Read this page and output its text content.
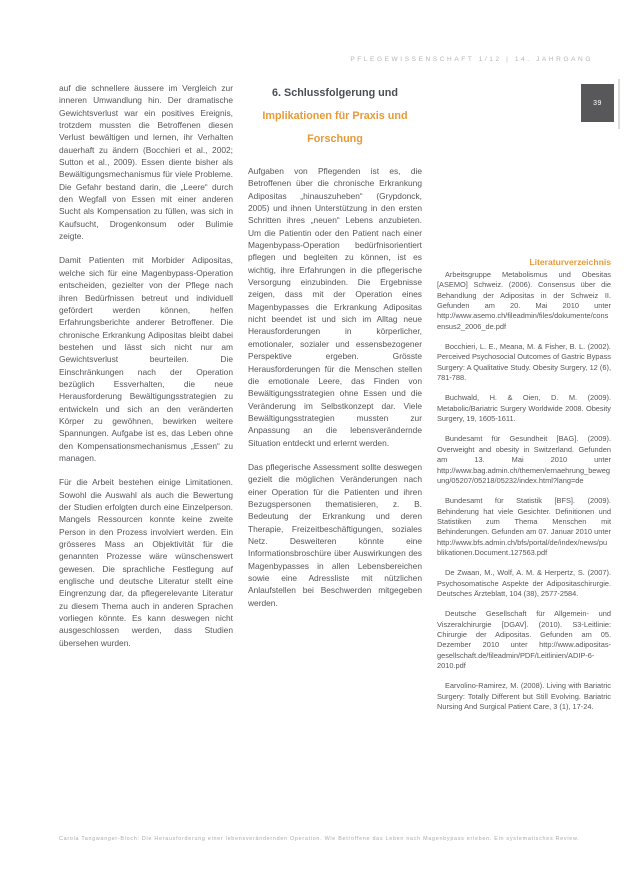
PFLEGEWISSENSCHAFT 1/12 | 14. JAHRGANG
39

auf die schnellere äussere im Vergleich zur inneren Umwandlung hin. Der dramatische Gewichtsverlust war ein positives Ereignis, trotzdem mussten die Betroffenen diesen Verlust bewältigen und lernen, ihr Verhalten dauerhaft zu ändern (Bocchieri et al., 2002; Sutton et al., 2009). Essen diente bisher als Bewältigungsmechanismus für viele Probleme. Die Gefahr bestand darin, die „Leere“ durch den Wegfall von Essen mit einer anderen Sucht als Kompensation zu füllen, was sich in Kaufsucht, Drogenkonsum oder Bulimie zeigte.

Damit Patienten mit Morbider Adipositas, welche sich für eine Magenbypass-Operation entscheiden, gezielter von der Pflege nach ihren Bedürfnissen betreut und individuell gefördert werden können, helfen Erfahrungsberichte anderer Betroffener. Die chronische Erkrankung Adipositas bleibt dabei bestehen und lässt sich nicht nur am Gewichtsverlust beurteilen. Die Einschränkungen nach der Operation bezüglich Essverhalten, die neue Herausforderung Bewältigungsstrategien zu entwickeln und sich an den veränderten Körper zu gewöhnen, bewirken weitere Spannungen. Aufgabe ist es, das Leben ohne den Kompensationsmechanismus „Essen“ zu managen.

Für die Arbeit bestehen einige Limitationen. Sowohl die Auswahl als auch die Bewertung der Studien erfolgten durch eine Einzelperson. Mangels Ressourcen konnte keine zweite Person in den Prozess involviert werden. Ein grösseres Mass an Objektivität für die genannten Prozesse wäre wünschenswert gewesen. Die sprachliche Festlegung auf englische und deutsche Literatur stellt eine Eingrenzung dar, da pflegerelevante Literatur zu diesem Thema auch in anderen Sprachen vorliegen könnte. Es kann deswegen nicht ausgeschlossen werden, dass Studien übersehen wurden.

6. Schlussfolgerung und
Implikationen für Praxis und Forschung

Aufgaben von Pflegenden ist es, die Betroffenen über die chronische Erkrankung Adipositas „hinauszuheben“ (Grypdonck, 2005) und ihnen Unterstützung in den ersten Schritten ihres „neuen“ Lebens anzubieten. Um die Patientin oder den Patient nach einer Magenbypass-Operation bedürfnisorientiert pflegen und begleiten zu können, ist es wichtig, ihre Erfahrungen in die pflegerische Versorgung einzubinden. Die Ergebnisse zeigen, dass mit der Operation eines Magenbypasses die Erkrankung Adipositas nicht beendet ist und sich im Alltag neue Herausforderungen in körperlicher, emotionaler, sozialer und essensbezogener Perspektive ergeben. Grösste Herausforderungen für die Menschen stellen die emotionale Leere, das Finden von Bewältigungsstrategien ohne Essen und die Veränderung im Selbstkonzept dar. Viele Bewältigungsstrategien mussten zur Anpassung an die lebensverändernde Situation entdeckt und erlernt werden.

Das pflegerische Assessment sollte deswegen gezielt die möglichen Veränderungen nach einer Operation für die Patienten und ihren Bezugspersonen thematisieren, z. B. Bedeutung der Erkrankung und deren Therapie, Freizeitbeschäftigungen, soziales Netz. Desweiteren könnte eine Informationsbroschüre über Auswirkungen des Magenbypasses in allen Lebensbereichen sowie eine Adressliste mit nützlichen Anlaufstellen bei Beschwerden mitgegeben werden.

Literaturverzeichnis
Arbeitsgruppe Metabolismus und Obesitas [ASEMO] Schweiz. (2006). Consensus über die Behandlung der Adipositas in der Schweiz II. Gefunden am 20. Mai 2010 unter http://www.asemo.ch/fileadmin/files/dokumente/consensus2_2006_de.pdf
Bocchieri, L. E., Meana, M. & Fisher, B. L. (2002). Perceived Psychosocial Outcomes of Gastric Bypass Surgery: A Qualitative Study. Obesity Surgery, 12 (6), 781-788.
Buchwald, H. & Oien, D. M. (2009). Metabolic/Bariatric Surgery Worldwide 2008. Obesity Surgery, 19, 1605-1611.
Bundesamt für Gesundheit [BAG]. (2009). Overweight and obesity in Switzerland. Gefunden am 13. Mai 2010 unter http://www.bag.admin.ch/themen/ernaehrung_bewegung/05207/05218/05232/index.html?lang=de
Bundesamt für Statistik [BFS]. (2009). Behinderung hat viele Gesichter. Definitionen und Statistiken zum Thema Menschen mit Behinderungen. Gefunden am 07. Januar 2010 unter http://www.bfs.admin.ch/bfs/portal/de/index/news/publikationen.Document.127563.pdf
De Zwaan, M., Wolf, A. M. & Herpertz, S. (2007). Psychosomatische Aspekte der Adipositaschirurgie. Deutsches Ärzteblatt, 104 (38), 2577-2584.
Deutsche Gesellschaft für Allgemein- und Viszeralchirurgie [DGAV]. (2010). S3-Leitlinie: Chirurgie der Adipositas. Gefunden am 05. Dezember 2010 unter http://www.adipositas-gesellschaft.de/fileadmin/PDF/Leitlinien/ADIP-6-2010.pdf
Earvolino-Ramirez, M. (2008). Living with Bariatric Surgery: Totally Different but Still Evolving. Bariatric Nursing And Surgical Patient Care, 3 (1), 17-24.
Carola Tangwanger-Bloch: Die Herausforderung einer lebensverändernden Operation. Wie Betroffene das Leben nach Magenbypass erleben. Ein systematisches Review.
